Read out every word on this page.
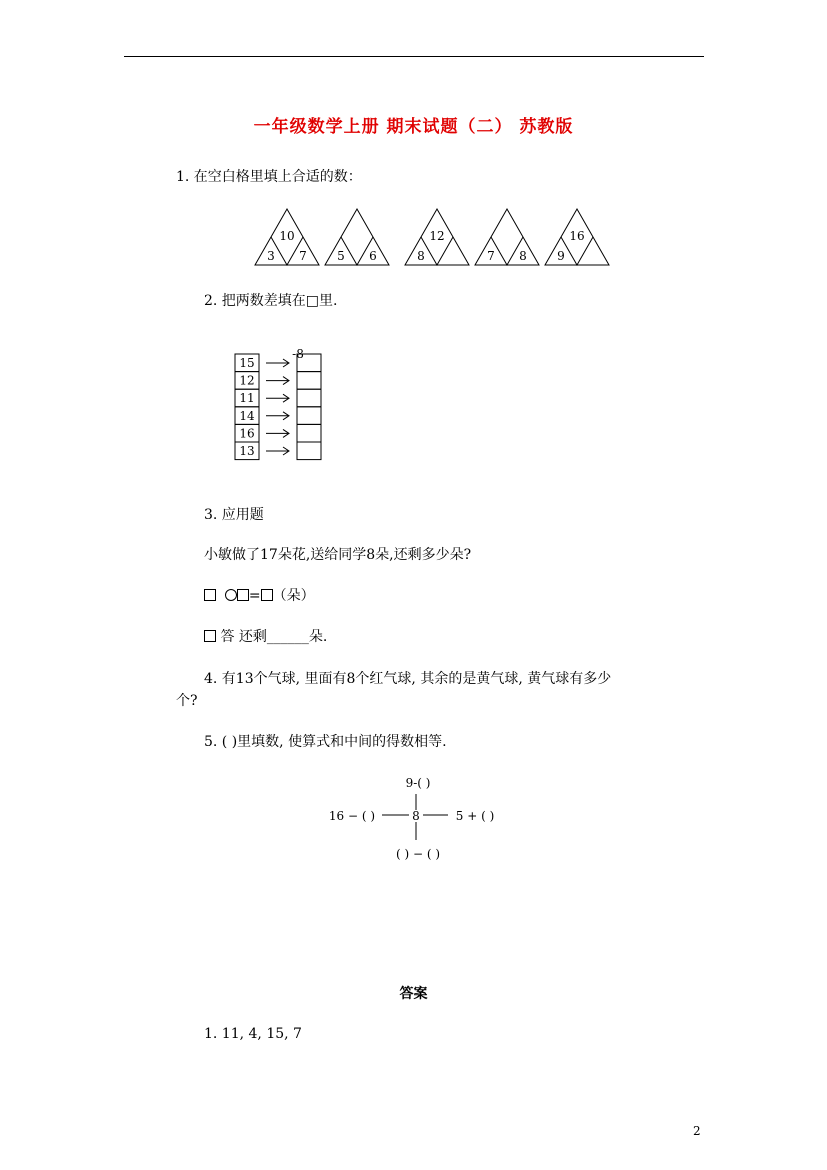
一年级数学上册 期末试题（二） 苏教版
1. 在空白格里填上合适的数：
10
3 7	5 6
12
8	7 8
16
9
2. 把两数差填在□里.
-8
15
12
11
14
16
13
3. 应用题
小敏做了17朵花,送给同学8朵,还剩多少朵?
= （朵）
答 还剩______朵.
4. 有13个气球, 里面有8个红气球, 其余的是黄气球, 黄气球有多少
个?
5. ( )里填数, 使算式和中间的得数相等.
9-( )
16 − ( )	8	5 + ( )
( ) − ( )
答案
1. 11, 4, 15, 7
2
